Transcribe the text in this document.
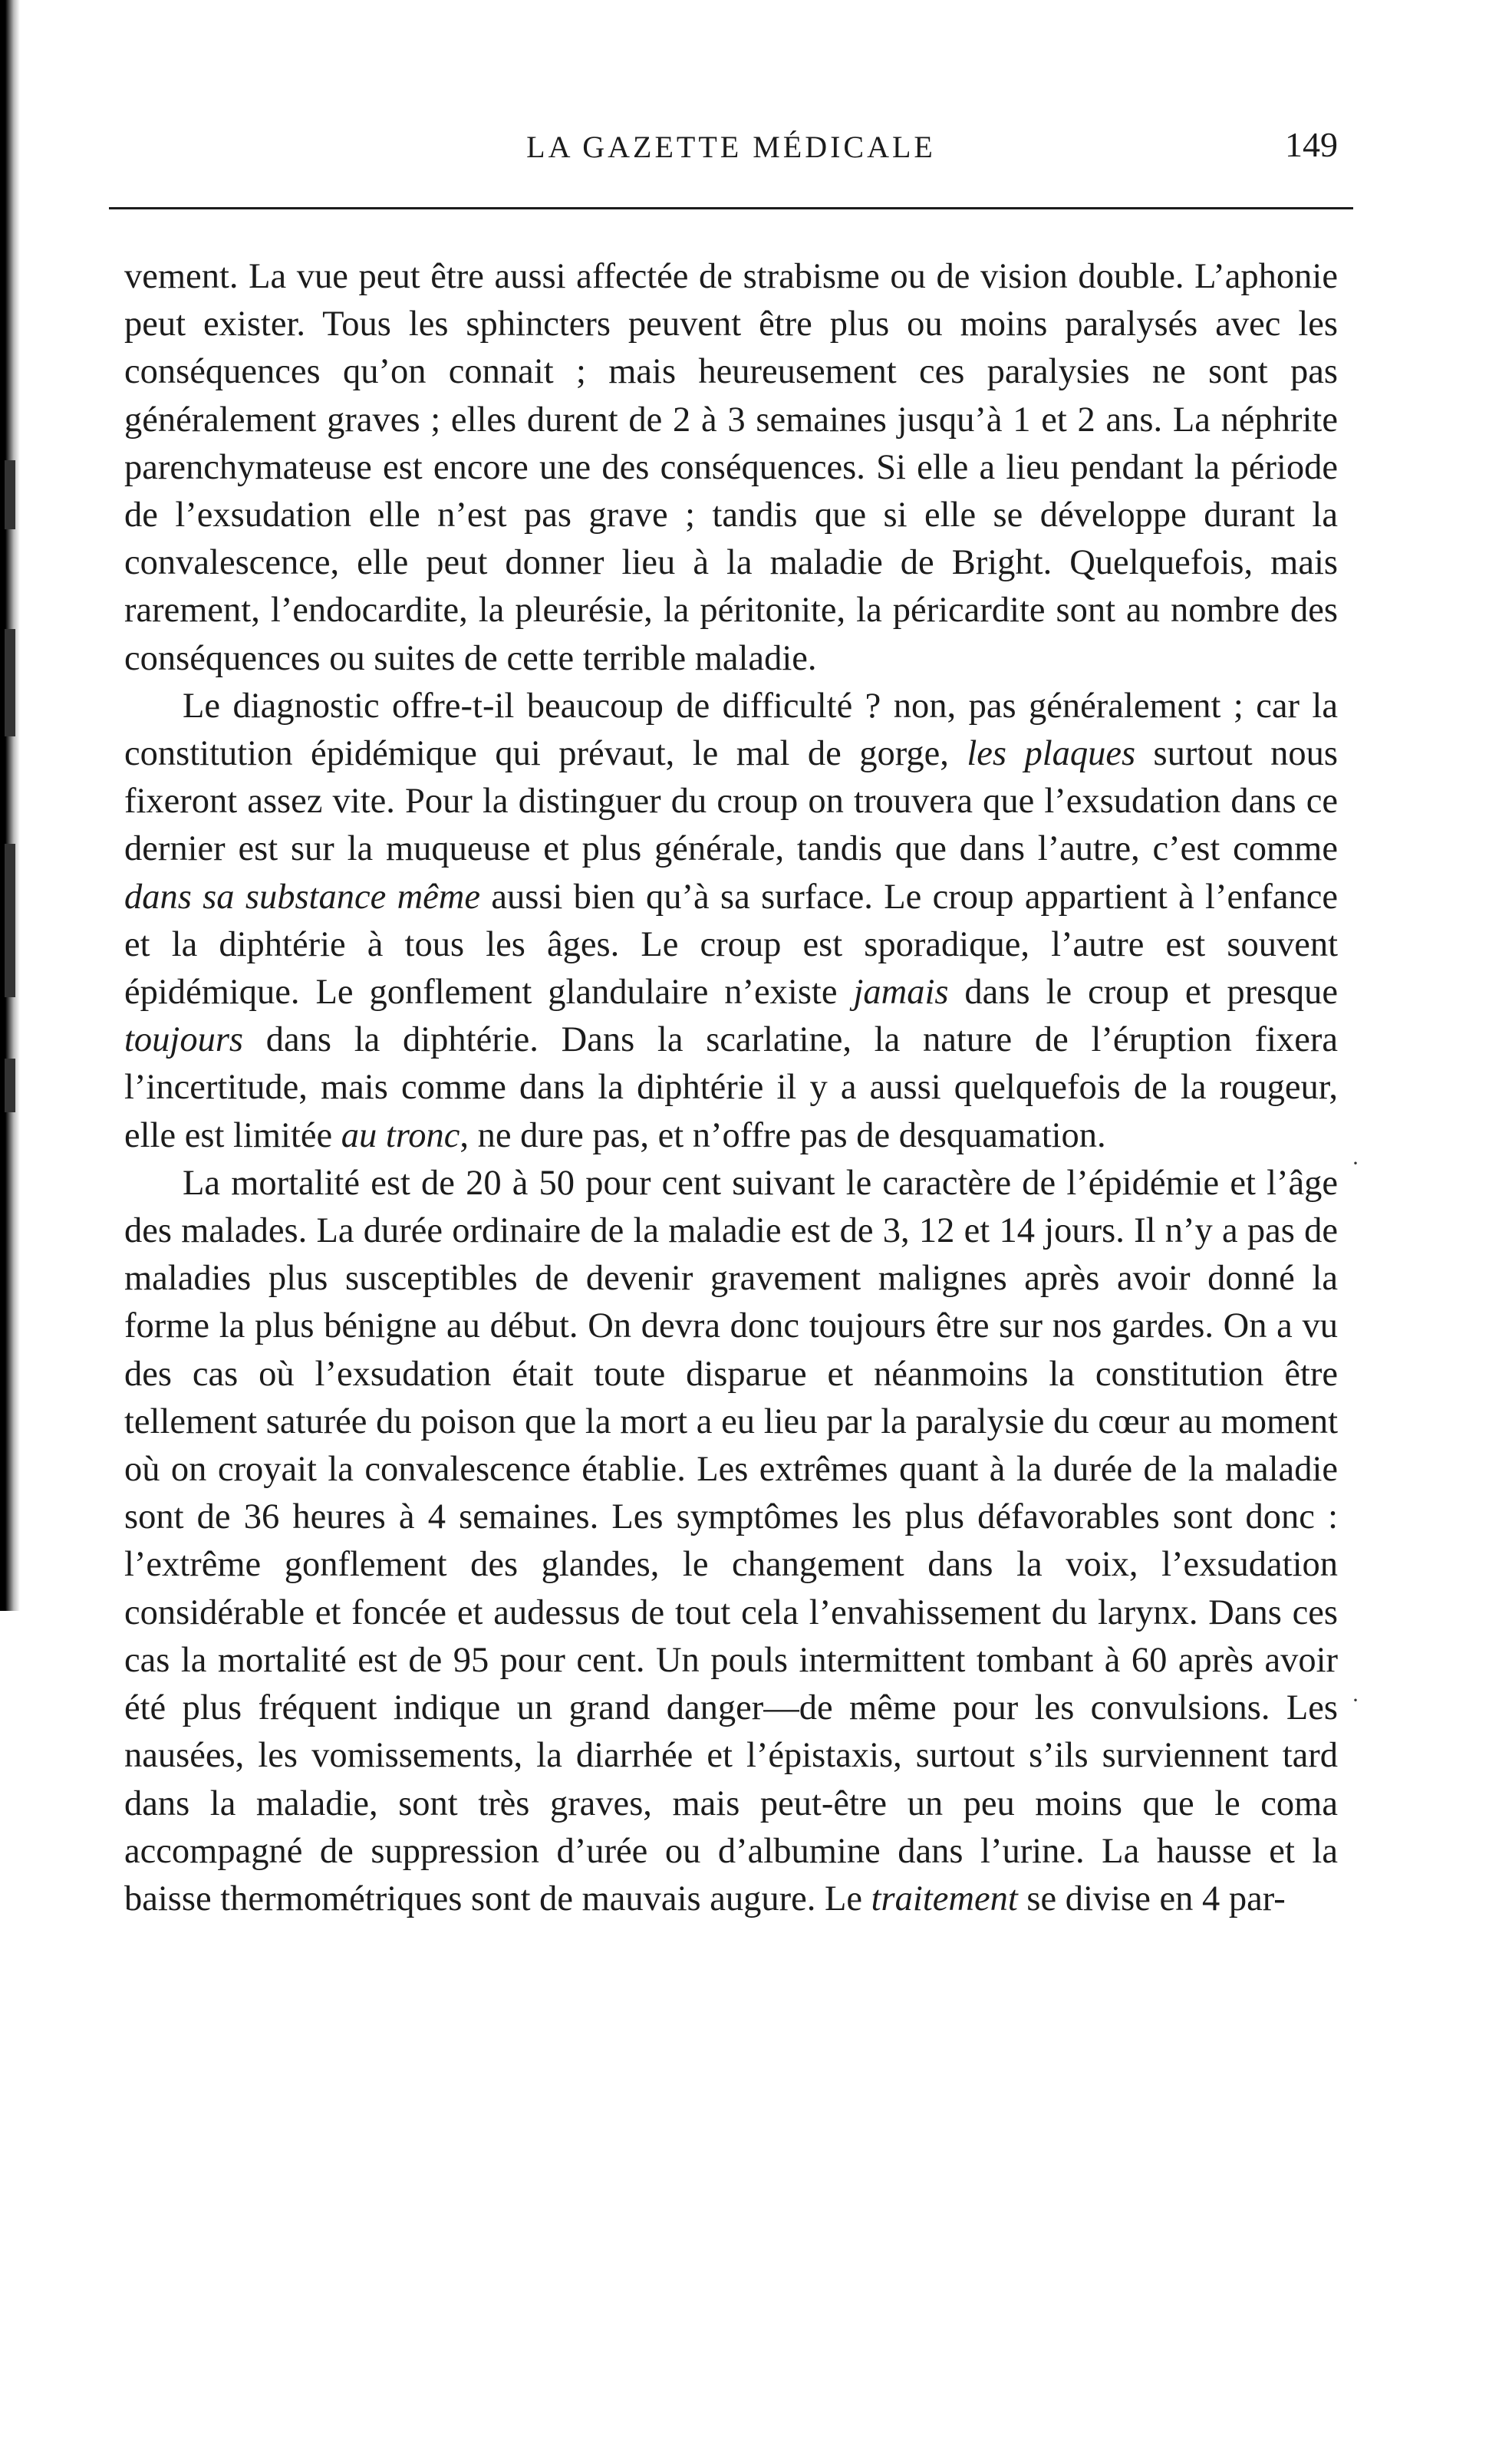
LA GAZETTE MÉDICALE	149

vement. La vue peut être aussi affectée de strabisme ou de vision double. L’aphonie peut exister. Tous les sphincters peuvent être plus ou moins paralysés avec les conséquences qu’on connait ; mais heureusement ces paralysies ne sont pas généralement graves ; elles durent de 2 à 3 semaines jusqu’à 1 et 2 ans. La néphrite parenchymateuse est encore une des conséquences. Si elle a lieu pendant la période de l’exsudation elle n’est pas grave ; tandis que si elle se développe durant la convalescence, elle peut donner lieu à la maladie de Bright. Quelquefois, mais rarement, l’endocardite, la pleurésie, la péritonite, la péricardite sont au nombre des conséquences ou suites de cette terrible maladie.

Le diagnostic offre-t-il beaucoup de difficulté ? non, pas généralement ; car la constitution épidémique qui prévaut, le mal de gorge, les plaques surtout nous fixeront assez vite. Pour la distinguer du croup on trouvera que l’exsudation dans ce dernier est sur la muqueuse et plus générale, tandis que dans l’autre, c’est comme dans sa substance même aussi bien qu’à sa surface. Le croup appartient à l’enfance et la diphtérie à tous les âges. Le croup est sporadique, l’autre est souvent épidémique. Le gonflement glandulaire n’existe jamais dans le croup et presque toujours dans la diphtérie. Dans la scarlatine, la nature de l’éruption fixera l’incertitude, mais comme dans la diphtérie il y a aussi quelquefois de la rougeur, elle est limitée au tronc, ne dure pas, et n’offre pas de desquamation.

La mortalité est de 20 à 50 pour cent suivant le caractère de l’épidémie et l’âge des malades. La durée ordinaire de la maladie est de 3, 12 et 14 jours. Il n’y a pas de maladies plus susceptibles de devenir gravement malignes après avoir donné la forme la plus bénigne au début. On devra donc toujours être sur nos gardes. On a vu des cas où l’exsudation était toute disparue et néanmoins la constitution être tellement saturée du poison que la mort a eu lieu par la paralysie du cœur au moment où on croyait la convalescence établie. Les extrêmes quant à la durée de la maladie sont de 36 heures à 4 semaines. Les symptômes les plus défavorables sont donc : l’extrême gonflement des glandes, le changement dans la voix, l’exsudation considérable et foncée et audessus de tout cela l’envahissement du larynx. Dans ces cas la mortalité est de 95 pour cent. Un pouls intermittent tombant à 60 après avoir été plus fréquent indique un grand danger—de même pour les convulsions. Les nausées, les vomissements, la diarrhée et l’épistaxis, surtout s’ils surviennent tard dans la maladie, sont très graves, mais peut-être un peu moins que le coma accompagné de suppression d’urée ou d’albumine dans l’urine. La hausse et la baisse thermométriques sont de mauvais augure. Le traitement se divise en 4 par-

·
·
